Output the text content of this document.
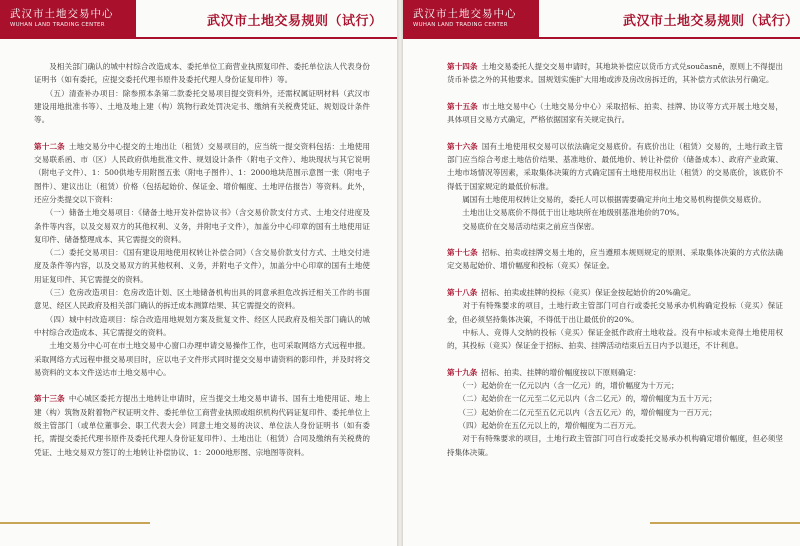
武汉市土地交易中心
WUHAN LAND TRADING CENTER	武汉市土地交易规则（试行）

　　及相关部门确认的城中村综合改造成本、委托单位工商营业执照复印件、委托单位法人代表身份证明书（如有委托，应提交委托代理书原件及委托代理人身份证复印件）等。

　　（五）清查补办项目：除参照本条第二款委托交易项目提交资料外，还需权属证明材料（武汉市建设用地批准书等）、土地及地上建（构）筑物行政处罚决定书、缴纳有关税费凭证、规划设计条件等。

第十二条  土地交易分中心提交的土地出让（租赁）交易项目的，应当统一提交资料包括：土地使用交易联系函、市（区）人民政府供地批准文件、规划设计条件（附电子文件）、地块现状与其它说明（附电子文件）、1：500供地专用附图五张（附电子图件）、1：2000地块范围示意图一张（附电子图件）、建议出让（租赁）价格（包括起始价、保证金、增价幅度、土地评估报告）等资料。此外，还应分类提交以下资料：

　　（一）储备土地交易项目：《储备土地开发补偿协议书》（含交易价款支付方式、土地交付进度及条件等内容，以及交易双方的其他权利、义务，并附电子文件），加盖分中心印章的国有土地使用证复印件、储备整理成本、其它需提交的资料。

　　（二）委托交易项目：《国有建设用地使用权转让补偿合同》（含交易价款支付方式、土地交付进度及条件等内容，以及交易双方的其他权利、义务，并附电子文件），加盖分中心印章的国有土地使用证复印件、其它需提交的资料。

　　（三）危房改造项目：危房改造计划、区土地储备机构出具的同意承担危改拆迁相关工作的书面意见、经区人民政府及相关部门确认的拆迁成本测算结果、其它需提交的资料。

　　（四）城中村改造项目：综合改造用地规划方案及批复文件、经区人民政府及相关部门确认的城中村综合改造成本、其它需提交的资料。

　　土地交易分中心可在市土地交易中心窗口办理申请交易操作工作，也可采取网络方式远程申报。采取网络方式远程申报交易项目时，应以电子文件形式同时提交交易申请资料的影印件，并及时将交易资料的文本文件送达市土地交易中心。

第十三条  中心城区委托方提出土地转让申请时，应当提交土地交易申请书、国有土地使用证、地上建（构）筑物及附着物产权证明文件、委托单位工商营业执照或组织机构代码证复印件、委托单位上级主管部门（或单位董事会、职工代表大会）同意土地交易的决议、单位法人身份证明书（如有委托，需提交委托代理书原件及委托代理人身份证复印件）、土地出让（租赁）合同及缴纳有关税费的凭证、土地交易双方签订的土地转让补偿协议、1：2000地形图、宗地图等资料。

武汉市土地交易中心
WUHAN LAND TRADING CENTER	武汉市土地交易规则（试行）

第十四条  土地交易委托人提交交易申请时，其地块补偿应以货币方式兑současně，原则上不得提出货币补偿之外的其他要求。国规划实施扩大用地或涉及房改房拆迁的，其补偿方式依法另行确定。

第十五条  市土地交易中心（土地交易分中心）采取招标、拍卖、挂牌、协议等方式开展土地交易，具体项目交易方式确定，严格依据国家有关规定执行。

第十六条  国有土地使用权交易可以依法确定交易底价。有底价出让（租赁）交易的，土地行政主管部门应当综合考虑土地估价结果、基准地价、最低地价、转让补偿价（储备成本）、政府产业政策、土地市场情况等因素，采取集体决策的方式确定国有土地使用权出让（租赁）的交易底价，该底价不得低于国家规定的最低价标准。

　　属国有土地使用权转让交易的，委托人可以根据需要确定并向土地交易机构提供交易底价。

　　土地出让交易底价不得低于出让地块所在地级别基准地价的70%。

　　交易底价在交易活动结束之前应当保密。

第十七条  招标、拍卖或挂牌交易土地的，应当遵照本规则规定的原则、采取集体决策的方式依法确定交易起始价、增价幅度和投标（竞买）保证金。

第十八条  招标、拍卖或挂牌的投标（竞买）保证金按起始价的20%确定。

　　对于有特殊要求的项目，土地行政主管部门可自行或委托交易承办机构确定投标（竞买）保证金，但必须坚持集体决策，不得低于出让最低价的20%。

　　中标人、竞得人交纳的投标（竞买）保证金抵作政府土地收益。没有中标或未竞得土地使用权的，其投标（竞买）保证金于招标、拍卖、挂牌活动结束后五日内予以退还，不计利息。

第十九条  招标、拍卖、挂牌的增价幅度按以下原则确定：

　　（一）起始价在一亿元以内（含一亿元）的，增价幅度为十万元；

　　（二）起始价在一亿元至二亿元以内（含二亿元）的，增价幅度为五十万元；

　　（三）起始价在二亿元至五亿元以内（含五亿元）的，增价幅度为一百万元；

　　（四）起始价在五亿元以上的，增价幅度为二百万元。

　　对于有特殊要求的项目，土地行政主管部门可自行或委托交易承办机构确定增价幅度，但必须坚持集体决策。
